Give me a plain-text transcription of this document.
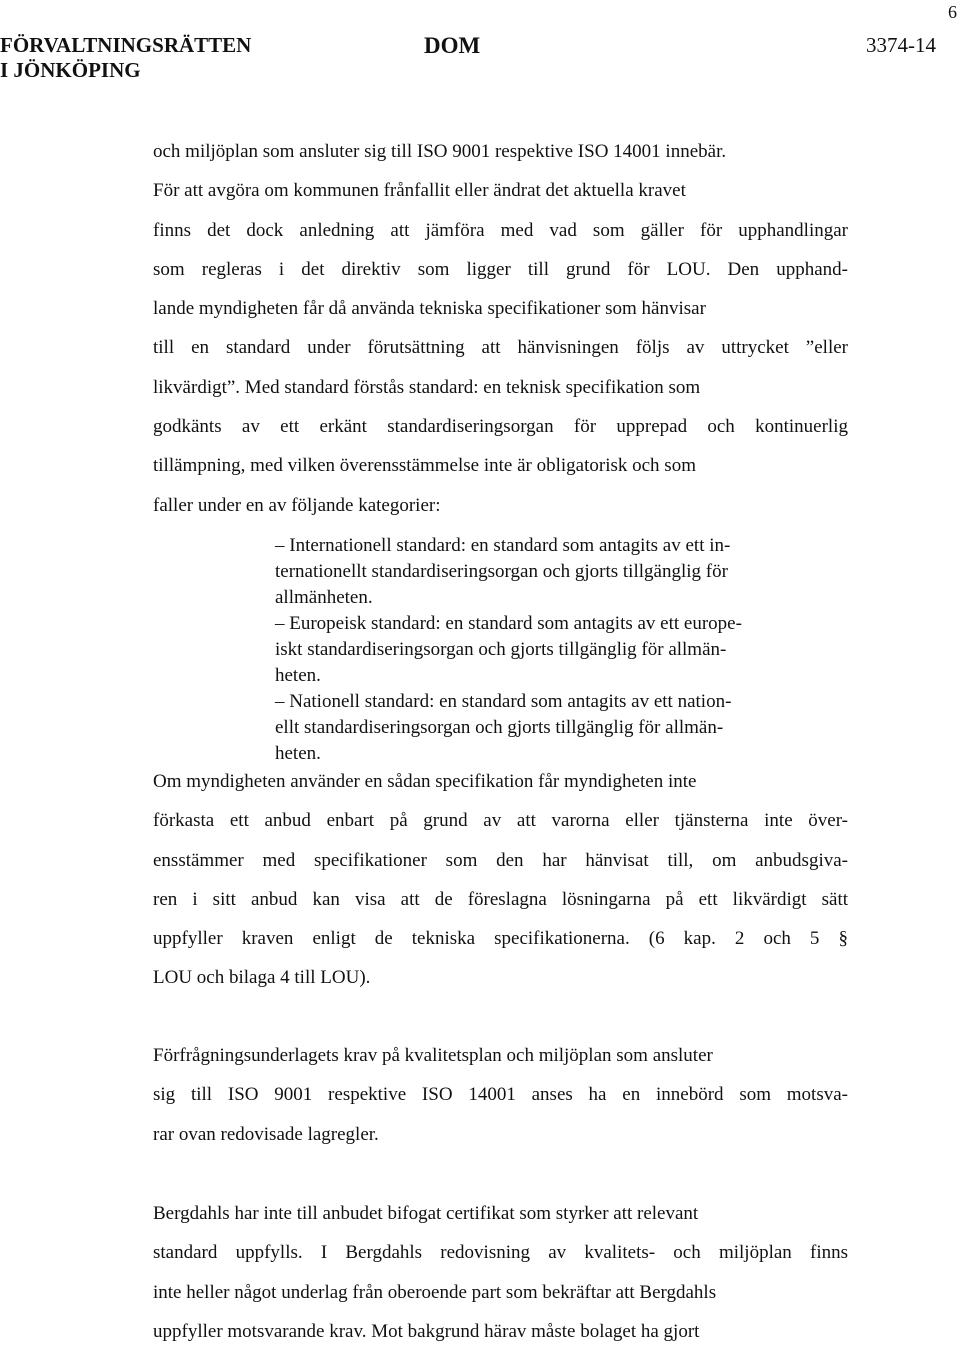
FÖRVALTNINGSRÄTTEN
I JÖNKÖPING
DOM	3374-14
6
och miljöplan som ansluter sig till ISO 9001 respektive ISO 14001 innebär.
För att avgöra om kommunen frånfallit eller ändrat det aktuella kravet
finns det dock anledning att jämföra med vad som gäller för upphandlingar
som regleras i det direktiv som ligger till grund för LOU. Den upphand-
lande myndigheten får då använda tekniska specifikationer som hänvisar
till en standard under förutsättning att hänvisningen följs av uttrycket ”eller
likvärdigt”. Med standard förstås standard: en teknisk specifikation som
godkänts av ett erkänt standardiseringsorgan för upprepad och kontinuerlig
tillämpning, med vilken överensstämmelse inte är obligatorisk och som
faller under en av följande kategorier:
– Internationell standard: en standard som antagits av ett in-
ternationellt standardiseringsorgan och gjorts tillgänglig för
allmänheten.
– Europeisk standard: en standard som antagits av ett europe-
iskt standardiseringsorgan och gjorts tillgänglig för allmän-
heten.
– Nationell standard: en standard som antagits av ett nation-
ellt standardiseringsorgan och gjorts tillgänglig för allmän-
heten.
Om myndigheten använder en sådan specifikation får myndigheten inte
förkasta ett anbud enbart på grund av att varorna eller tjänsterna inte över-
ensstämmer med specifikationer som den har hänvisat till, om anbudsgiva-
ren i sitt anbud kan visa att de föreslagna lösningarna på ett likvärdigt sätt
uppfyller kraven enligt de tekniska specifikationerna. (6 kap. 2 och 5 §
LOU och bilaga 4 till LOU).
Förfrågningsunderlagets krav på kvalitetsplan och miljöplan som ansluter
sig till ISO 9001 respektive ISO 14001 anses ha en innebörd som motsva-
rar ovan redovisade lagregler.
Bergdahls har inte till anbudet bifogat certifikat som styrker att relevant
standard uppfylls. I Bergdahls redovisning av kvalitets- och miljöplan finns
inte heller något underlag från oberoende part som bekräftar att Bergdahls
uppfyller motsvarande krav. Mot bakgrund härav måste bolaget ha gjort
